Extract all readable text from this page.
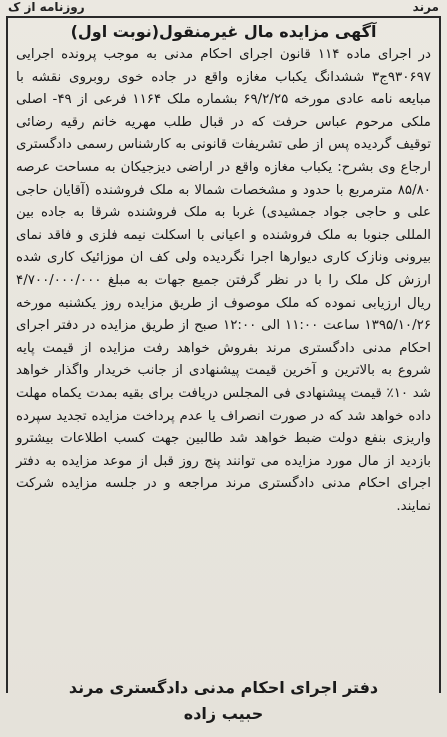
مرند
روزنامه از ک
آگهی مزایده مال غیرمنقول(نوبت اول)

در اجرای ماده ۱۱۴ قانون اجرای احکام مدنی به موجب پرونده اجرایی ۹۳۰۶۹۷ج۳ ششدانگ یکباب مغازه واقع در جاده خوی روبروی نقشه با مبایعه نامه عادی مورخه ۶۹/۲/۲۵ بشماره ملک ۱۱۶۴ فرعی از ۴۹- اصلی ملکی مرحوم عباس حرفت که در قبال طلب مهریه خانم رقیه رضائی توقیف گردیده پس از طی تشریفات قانونی به کارشناس رسمی دادگستری ارجاع وی بشرح: یکباب مغازه واقع در اراضی دیزجیکان به مساحت عرصه ۸۵/۸۰ مترمربع با حدود و مشخصات شمالا به ملک فروشنده (آقایان حاجی علی و حاجی جواد جمشیدی) غربا به ملک فروشنده شرقا به جاده بین المللی جنوبا به ملک فروشنده و اعیانی با اسکلت نیمه فلزی و فاقد نمای بیرونی ونازک کاری دیوارها اجرا نگردیده ولی کف ان موزائیک کاری شده ارزش کل ملک را با در نظر گرفتن جمیع جهات به مبلغ ۴/۷۰۰/۰۰۰/۰۰۰ ریال ارزیابی نموده که ملک موصوف از طریق مزایده روز یکشنبه مورخه ۱۳۹۵/۱۰/۲۶ ساعت ۱۱:۰۰ الی ۱۲:۰۰ صبح از طریق مزایده در دفتر اجرای احکام مدنی دادگستری مرند بفروش خواهد رفت مزایده از قیمت پایه شروع به بالاترین و آخرین قیمت پیشنهادی از جانب خریدار واگذار خواهد شد ۱۰٪ قیمت پیشنهادی فی المجلس دریافت برای بقیه بمدت یکماه مهلت داده خواهد شد که در صورت انصراف یا عدم پرداخت مزایده تجدید سپرده واریزی بنفع دولت ضبط خواهد شد طالبین جهت کسب اطلاعات بیشترو بازدید از مال مورد مزایده می توانند پنج روز قبل از موعد مزایده به دفتر اجرای احکام مدنی دادگستری مرند مراجعه و در جلسه مزایده شرکت نمایند.

دفتر اجرای احکام مدنی دادگستری مرند
حبیب زاده
